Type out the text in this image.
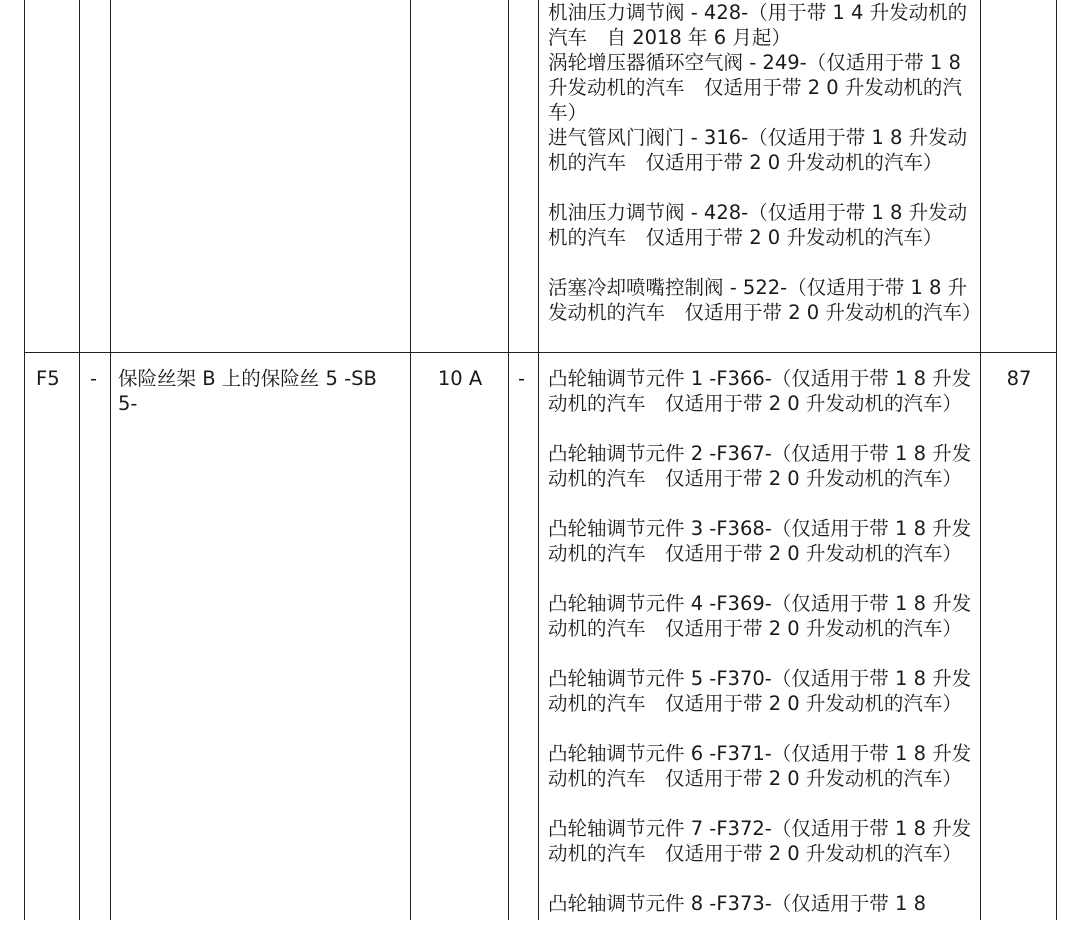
机油压力调节阀 - 428-（用于带 1 4 升发动机的汽车　自 2018 年 6 月起）
涡轮增压器循环空气阀 - 249-（仅适用于带 1 8 升发动机的汽车　仅适用于带 2 0 升发动机的汽车）
进气管风门阀门 - 316-（仅适用于带 1 8 升发动机的汽车　仅适用于带 2 0 升发动机的汽车）
机油压力调节阀 - 428-（仅适用于带 1 8 升发动机的汽车　仅适用于带 2 0 升发动机的汽车）
活塞冷却喷嘴控制阀 - 522-（仅适用于带 1 8 升发动机的汽车　仅适用于带 2 0 升发动机的汽车）
F5 - 保险丝架 B 上的保险丝 5 -SB5-
10 A	-	87
凸轮轴调节元件 1 -F366-（仅适用于带 1 8 升发动机的汽车　仅适用于带 2 0 升发动机的汽车）
凸轮轴调节元件 2 -F367-（仅适用于带 1 8 升发动机的汽车　仅适用于带 2 0 升发动机的汽车）
凸轮轴调节元件 3 -F368-（仅适用于带 1 8 升发动机的汽车　仅适用于带 2 0 升发动机的汽车）
凸轮轴调节元件 4 -F369-（仅适用于带 1 8 升发动机的汽车　仅适用于带 2 0 升发动机的汽车）
凸轮轴调节元件 5 -F370-（仅适用于带 1 8 升发动机的汽车　仅适用于带 2 0 升发动机的汽车）
凸轮轴调节元件 6 -F371-（仅适用于带 1 8 升发动机的汽车　仅适用于带 2 0 升发动机的汽车）
凸轮轴调节元件 7 -F372-（仅适用于带 1 8 升发动机的汽车　仅适用于带 2 0 升发动机的汽车）
凸轮轴调节元件 8 -F373-（仅适用于带 1 8
